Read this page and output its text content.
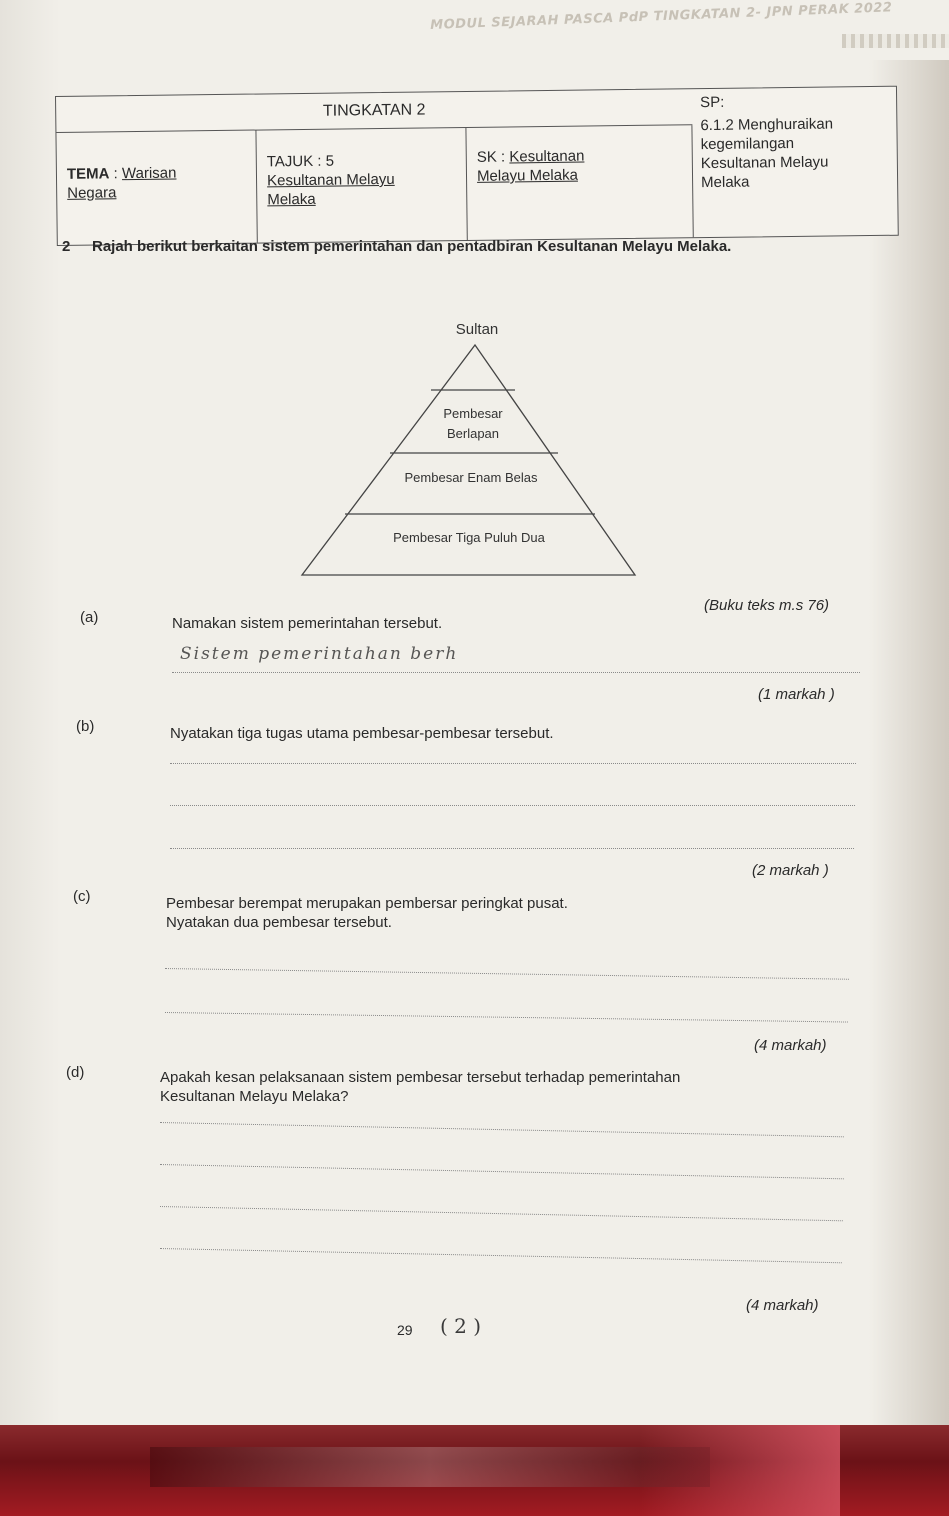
MODUL SEJARAH PASCA PdP TINGKATAN 2- JPN PERAK 2022
TINGKATAN 2
TEMA : Warisan
Negara
TAJUK : 5
Kesultanan Melayu
Melaka
SK : Kesultanan
Melayu Melaka
SP:
6.1.2 Menghuraikan
kegemilangan
Kesultanan Melayu
Melaka
2 Rajah berikut berkaitan sistem pemerintahan dan pentadbiran Kesultanan Melayu Melaka.
Sultan
Pembesar
Berlapan
Pembesar Enam Belas
Pembesar Tiga Puluh Dua
(Buku teks m.s 76)
(a)	Namakan sistem pemerintahan tersebut.
Sistem pemerintahan berh
(1 markah )
(b)	Nyatakan tiga tugas utama pembesar-pembesar tersebut.
(2 markah )
(c)	Pembesar berempat merupakan pembersar peringkat pusat.
Nyatakan dua pembesar tersebut.
(4 markah)
(d)	Apakah kesan pelaksanaan sistem pembesar tersebut terhadap pemerintahan
Kesultanan Melayu Melaka?
(4 markah)
29 ( 2 )
